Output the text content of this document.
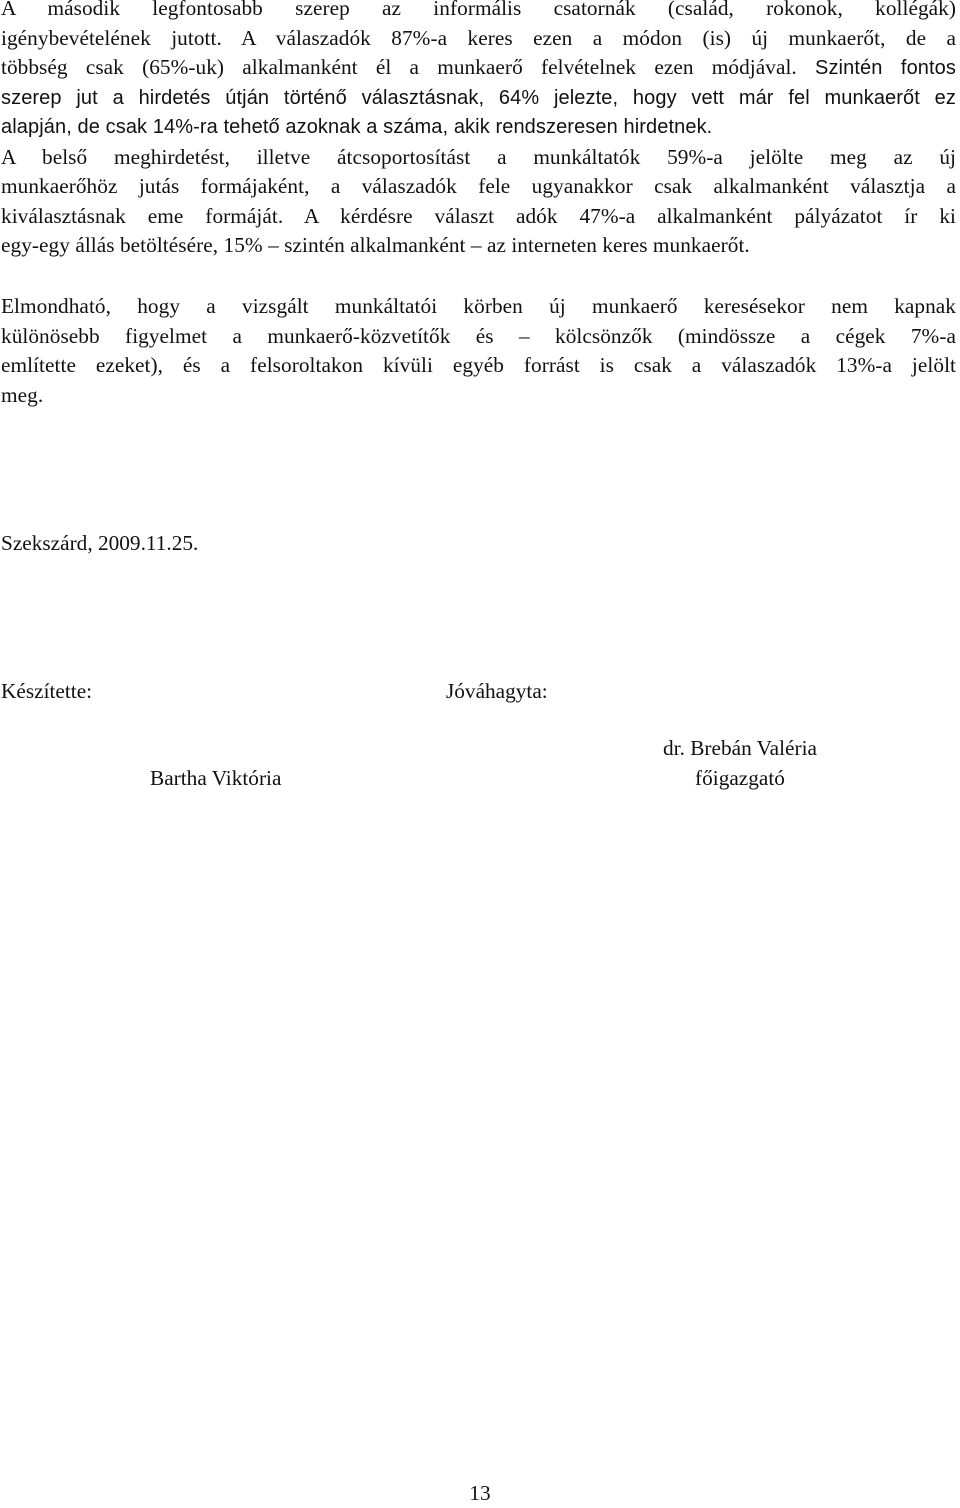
A második legfontosabb szerep az informális csatornák (család, rokonok, kollégák)
igénybevételének jutott. A válaszadók 87%-a keres ezen a módon (is) új munkaerőt, de a
többség csak (65%-uk) alkalmanként él a munkaerő felvételnek ezen módjával. Szintén fontos
szerep jut a hirdetés útján történő választásnak, 64% jelezte, hogy vett már fel munkaerőt ez
alapján, de csak 14%-ra tehető azoknak a száma, akik rendszeresen hirdetnek.
A belső meghirdetést, illetve átcsoportosítást a munkáltatók 59%-a jelölte meg az új
munkaerőhöz jutás formájaként, a válaszadók fele ugyanakkor csak alkalmanként választja a
kiválasztásnak eme formáját. A kérdésre választ adók 47%-a alkalmanként pályázatot ír ki
egy-egy állás betöltésére, 15% – szintén alkalmanként – az interneten keres munkaerőt.
Elmondható, hogy a vizsgált munkáltatói körben új munkaerő keresésekor nem kapnak
különösebb figyelmet a munkaerő-közvetítők és – kölcsönzők (mindössze a cégek 7%-a
említette ezeket), és a felsoroltakon kívüli egyéb forrást is csak a válaszadók 13%-a jelölt
meg.
Szekszárd, 2009.11.25.
Készítette:	Jóváhagyta:
Bartha Viktória
dr. Brebán Valéria
főigazgató
13
